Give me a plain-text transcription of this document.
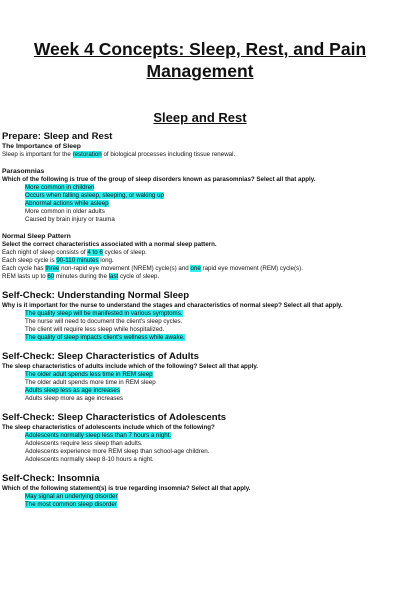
Week 4 Concepts: Sleep, Rest, and Pain Management
Sleep and Rest
Prepare: Sleep and Rest
The Importance of Sleep
Sleep is important for the restoration of biological processes including tissue renewal.
Parasomnias
Which of the following is true of the group of sleep disorders known as parasomnias? Select all that apply.
More common in children
Occurs when falling asleep, sleeping, or waking up
Abnormal actions while asleep
More common in older adults
Caused by brain injury or trauma
Normal Sleep Pattern
Select the correct characteristics associated with a normal sleep pattern.
Each night of sleep consists of 4 to 6 cycles of sleep.
Each sleep cycle is 90-110 minutes long.
Each cycle has three non-rapid eye movement (NREM) cycle(s) and one rapid eye movement (REM) cycle(s).
REM lasts up to 60 minutes during the last cycle of sleep.
Self-Check: Understanding Normal Sleep
Why is it important for the nurse to understand the stages and characteristics of normal sleep? Select all that apply.
The quality sleep will be manifested in various symptoms.
The nurse will need to document the client's sleep cycles.
The client will require less sleep while hospitalized.
The quality of sleep impacts client's wellness while awake.
Self-Check: Sleep Characteristics of Adults
The sleep characteristics of adults include which of the following? Select all that apply.
The older adult spends less time in REM sleep
The older adult spends more time in REM sleep
Adults sleep less as age increases
Adults sleep more as age increases
Self-Check: Sleep Characteristics of Adolescents
The sleep characteristics of adolescents include which of the following?
Adolescents normally sleep less than 7 hours a night.
Adolescents require less sleep than adults.
Adolescents experience more REM sleep than school-age children.
Adolescents normally sleep 8-10 hours a night.
Self-Check: Insomnia
Which of the following statement(s) is true regarding insomnia? Select all that apply.
May signal an underlying disorder
The most common sleep disorder
